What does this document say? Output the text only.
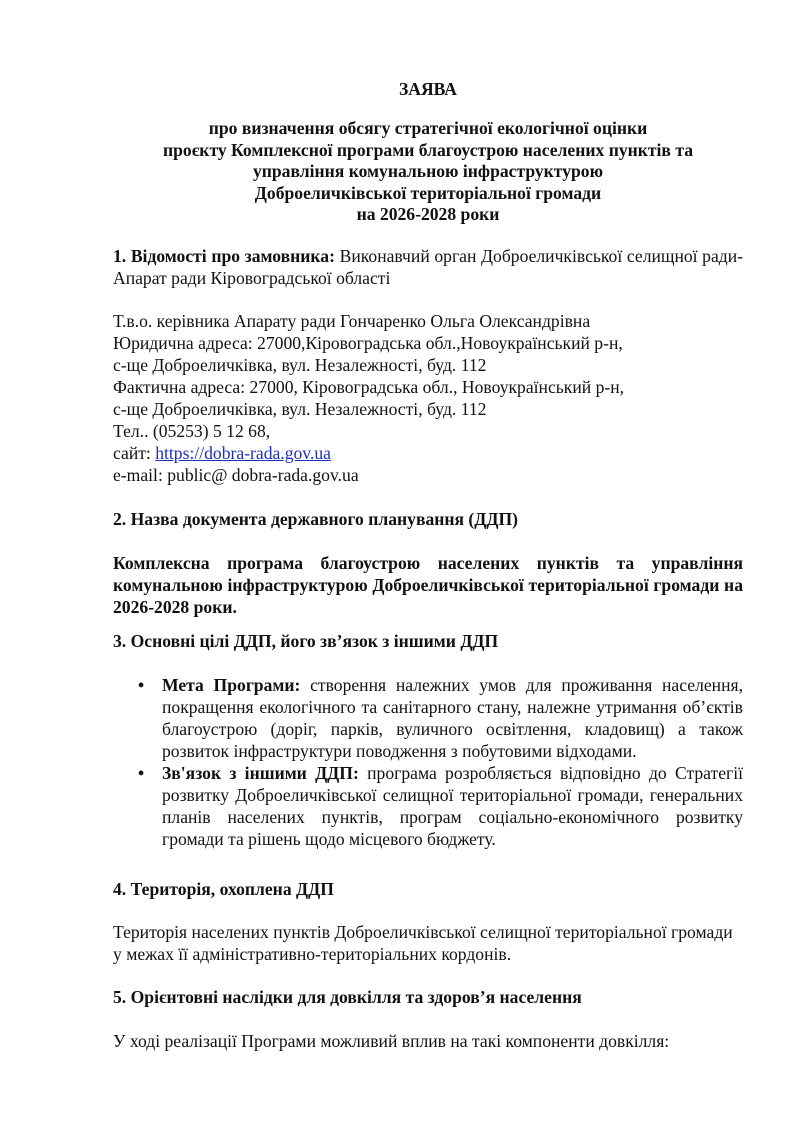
ЗАЯВА
про визначення обсягу стратегічної екологічної оцінки
проєкту Комплексної програми благоустрою населених пунктів та
управління комунальною інфраструктурою
Доброеличківської територіальної громади
на 2026-2028 роки
1. Відомості про замовника: Виконавчий орган Доброеличківської селищної ради-Апарат ради Кіровоградської області
Т.в.о. керівника Апарату ради Гончаренко Ольга Олександрівна
Юридична адреса: 27000,Кіровоградська обл.,Новоукраїнський р-н,
с-ще Доброеличківка, вул. Незалежності, буд. 112
Фактична адреса: 27000, Кіровоградська обл., Новоукраїнський р-н,
с-ще Доброеличківка, вул. Незалежності, буд. 112
Тел.. (05253) 5 12 68,
сайт: https://dobra-rada.gov.ua
e-mail: public@ dobra-rada.gov.ua
2. Назва документа державного планування (ДДП)
Комплексна програма благоустрою населених пунктів та управління комунальною інфраструктурою Доброеличківської територіальної громади на 2026-2028 роки.
3. Основні цілі ДДП, його зв’язок з іншими ДДП
• Мета Програми: створення належних умов для проживання населення, покращення екологічного та санітарного стану, належне утримання об’єктів благоустрою (доріг, парків, вуличного освітлення, кладовищ) а також розвиток інфраструктури поводження з побутовими відходами.
• Зв'язок з іншими ДДП: програма розробляється відповідно до Стратегії розвитку Доброеличківської селищної територіальної громади, генеральних планів населених пунктів, програм соціально-економічного розвитку громади та рішень щодо місцевого бюджету.
4. Територія, охоплена ДДП
Територія населених пунктів Доброеличківської селищної територіальної громади у межах її адміністративно-територіальних кордонів.
5. Орієнтовні наслідки для довкілля та здоров’я населення
У ході реалізації Програми можливий вплив на такі компоненти довкілля:
